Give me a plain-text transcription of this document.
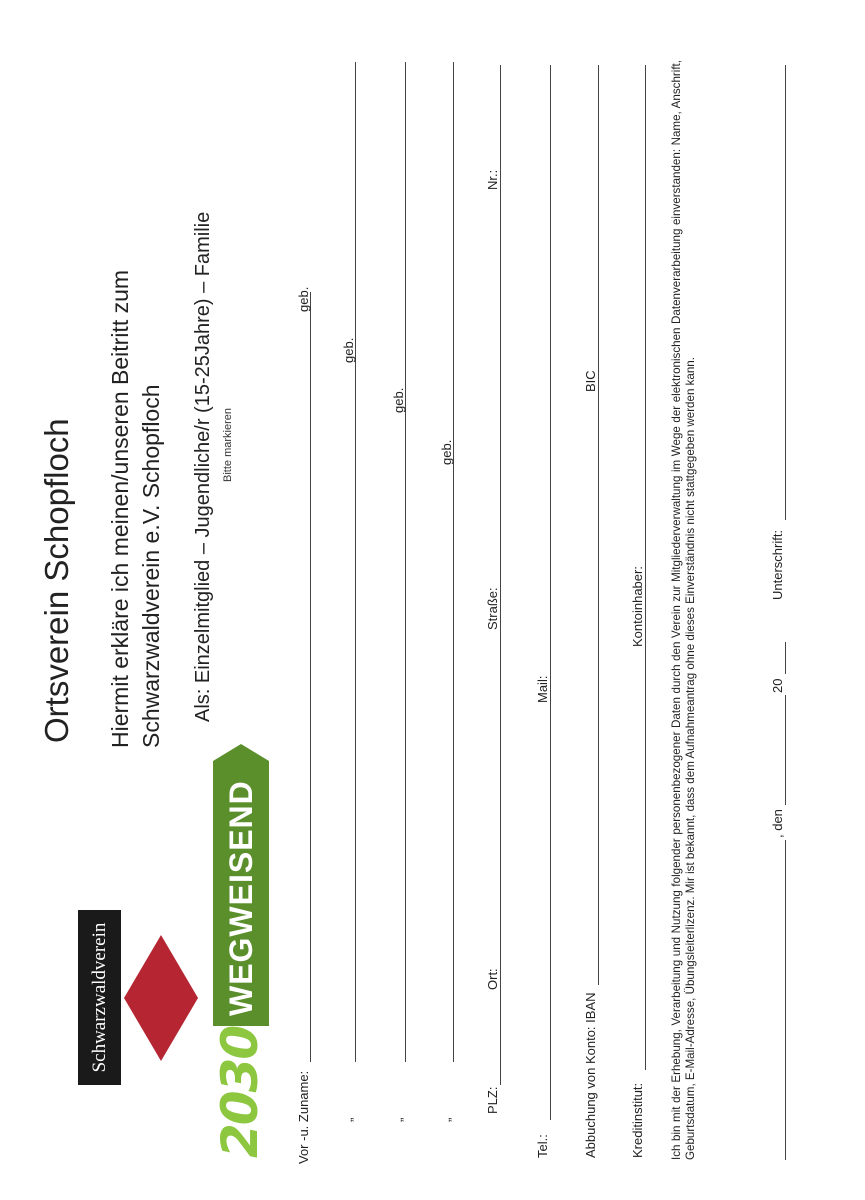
Schwarzwaldverein
2030
WEGWEISEND
Ortsverein Schopfloch Hiermit erkläre ich meinen/unseren Beitritt zum Schwarzwaldverein e.V. Schopfloch Als: Einzelmitglied – Jugendliche/r (15-25Jahre) – Familie Bitte markieren
Vor -u. Zuname:
geb.
„
geb.
„
geb.
„
geb.
PLZ:
Ort:
Straße:
Nr.:
Tel.:
Mail:
Abbuchung von Konto: IBAN
BIC
Kreditinstitut:
Kontoinhaber: Ich bin mit der Erhebung, Verarbeitung und Nutzung folgender personenbezogener Daten durch den Verein zur Mitgliederverwaltung im Wege der elektronischen Datenverarbeitung einverstanden: Name, Anschrift, Geburtsdatum, E-Mail-Adresse, Übungsleiterlizenz. Mir ist bekannt, dass dem Aufnahmeantrag ohne dieses Einverständnis nicht stattgegeben werden kann.	, den
20
Unterschrift:
